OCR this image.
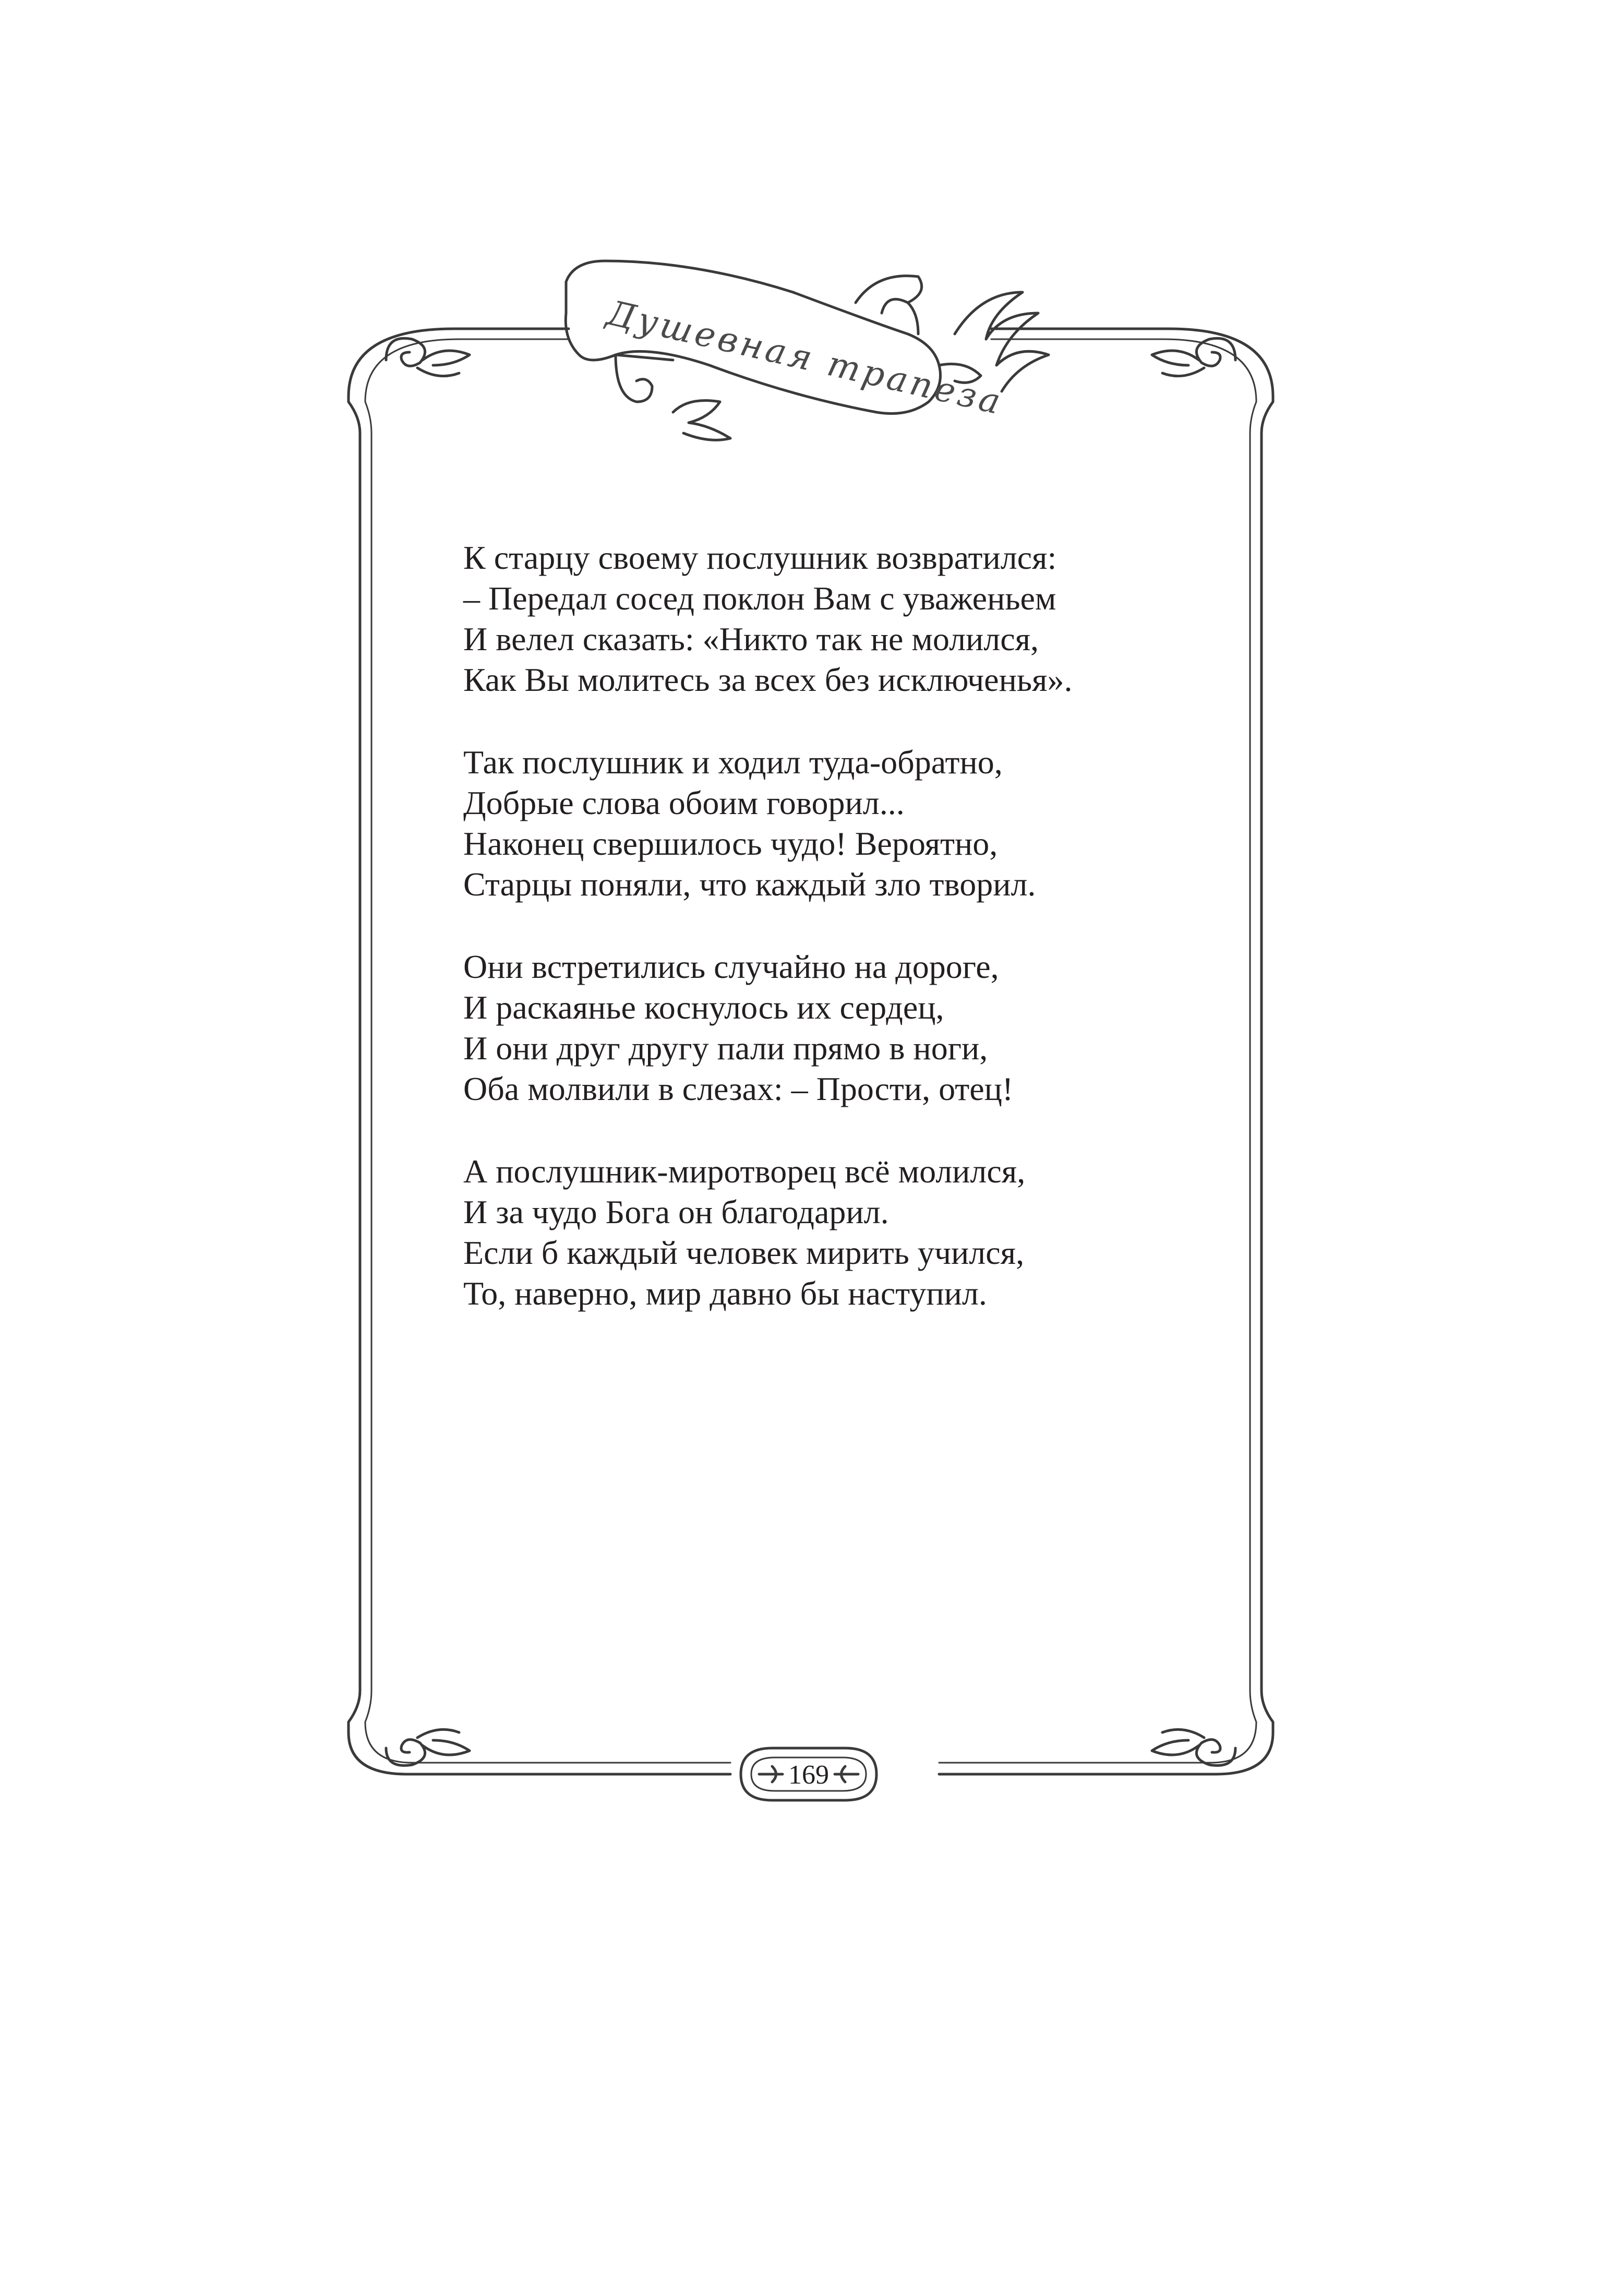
Душевная трапеза
169
К старцу своему послушник возвратился:
– Передал сосед поклон Вам с уваженьем
И велел сказать: «Никто так не молился,
Как Вы молитесь за всех без исключенья».
Так послушник и ходил туда-обратно,
Добрые слова обоим говорил...
Наконец свершилось чудо! Вероятно,
Старцы поняли, что каждый зло творил.
Они встретились случайно на дороге,
И раскаянье коснулось их сердец,
И они друг другу пали прямо в ноги,
Оба молвили в слезах: – Прости, отец!
А послушник-миротворец всё молился,
И за чудо Бога он благодарил.
Если б каждый человек мирить учился,
То, наверно, мир давно бы наступил.
